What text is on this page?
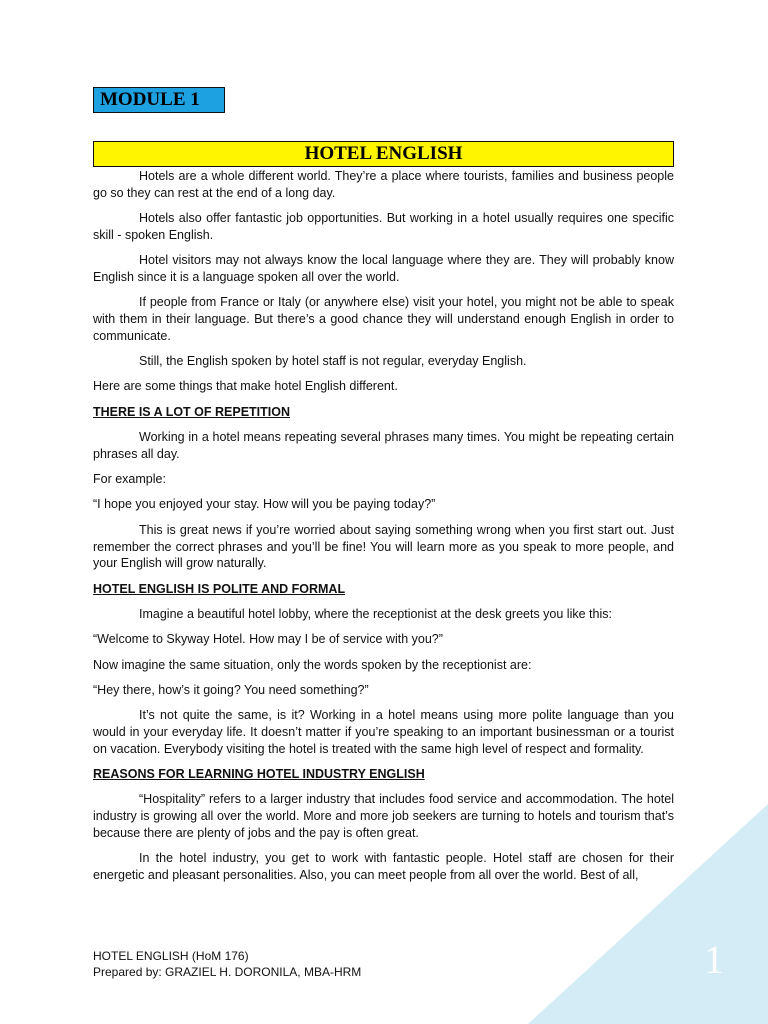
MODULE 1
HOTEL ENGLISH

Hotels are a whole different world. They’re a place where tourists, families and business people go so they can rest at the end of a long day.

Hotels also offer fantastic job opportunities. But working in a hotel usually requires one specific skill - spoken English.

Hotel visitors may not always know the local language where they are. They will probably know English since it is a language spoken all over the world.

If people from France or Italy (or anywhere else) visit your hotel, you might not be able to speak with them in their language. But there’s a good chance they will understand enough English in order to communicate.

Still, the English spoken by hotel staff is not regular, everyday English.

Here are some things that make hotel English different.

THERE IS A LOT OF REPETITION

Working in a hotel means repeating several phrases many times. You might be repeating certain phrases all day.

For example:

“I hope you enjoyed your stay. How will you be paying today?”

This is great news if you’re worried about saying something wrong when you first start out. Just remember the correct phrases and you’ll be fine! You will learn more as you speak to more people, and your English will grow naturally.

HOTEL ENGLISH IS POLITE AND FORMAL

Imagine a beautiful hotel lobby, where the receptionist at the desk greets you like this:

“Welcome to Skyway Hotel. How may I be of service with you?”

Now imagine the same situation, only the words spoken by the receptionist are:

“Hey there, how’s it going? You need something?”

It’s not quite the same, is it? Working in a hotel means using more polite language than you would in your everyday life. It doesn’t matter if you’re speaking to an important businessman or a tourist on vacation. Everybody visiting the hotel is treated with the same high level of respect and formality.

REASONS FOR LEARNING HOTEL INDUSTRY ENGLISH

“Hospitality” refers to a larger industry that includes food service and accommodation. The hotel industry is growing all over the world. More and more job seekers are turning to hotels and tourism that’s because there are plenty of jobs and the pay is often great.

In the hotel industry, you get to work with fantastic people. Hotel staff are chosen for their energetic and pleasant personalities. Also, you can meet people from all over the world. Best of all,

1
HOTEL ENGLISH (HoM 176)
Prepared by: GRAZIEL H. DORONILA, MBA-HRM
